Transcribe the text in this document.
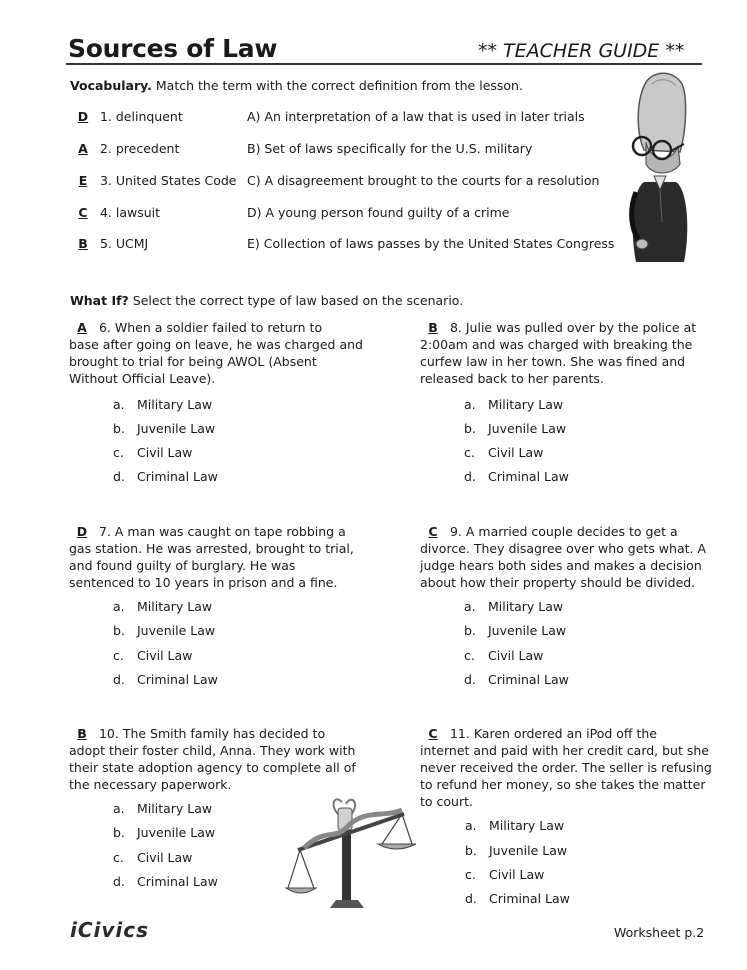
Sources of Law	** TEACHER GUIDE **
Vocabulary. Match the term with the correct definition from the lesson.
D 1. delinquent
A 2. precedent
E 3. United States Code
C 4. lawsuit
B 5. UCMJ
A) An interpretation of a law that is used in later trials
B) Set of laws specifically for the U.S. military
C) A disagreement brought to the courts for a resolution
D) A young person found guilty of a crime
E) Collection of laws passes by the United States Congress
What If? Select the correct type of law based on the scenario.
A 6. When a soldier failed to return to
base after going on leave, he was charged and
brought to trial for being AWOL (Absent
Without Official Leave).
a. Military Law
b. Juvenile Law
c. Civil Law
d. Criminal Law
B 8. Julie was pulled over by the police at
2:00am and was charged with breaking the
curfew law in her town. She was fined and
released back to her parents.
a. Military Law
b. Juvenile Law
c. Civil Law
d. Criminal Law
D 7. A man was caught on tape robbing a
gas station. He was arrested, brought to trial,
and found guilty of burglary. He was
sentenced to 10 years in prison and a fine.
a. Military Law
b. Juvenile Law
c. Civil Law
d. Criminal Law
C 9. A married couple decides to get a
divorce. They disagree over who gets what. A
judge hears both sides and makes a decision
about how their property should be divided.
a. Military Law
b. Juvenile Law
c. Civil Law
d. Criminal Law
B 10. The Smith family has decided to
adopt their foster child, Anna. They work with
their state adoption agency to complete all of
the necessary paperwork.
a. Military Law
b. Juvenile Law
c. Civil Law
d. Criminal Law
C 11. Karen ordered an iPod off the
internet and paid with her credit card, but she
never received the order. The seller is refusing
to refund her money, so she takes the matter
to court.
a. Military Law
b. Juvenile Law
c. Civil Law
d. Criminal Law
iCivics	Worksheet p.2
